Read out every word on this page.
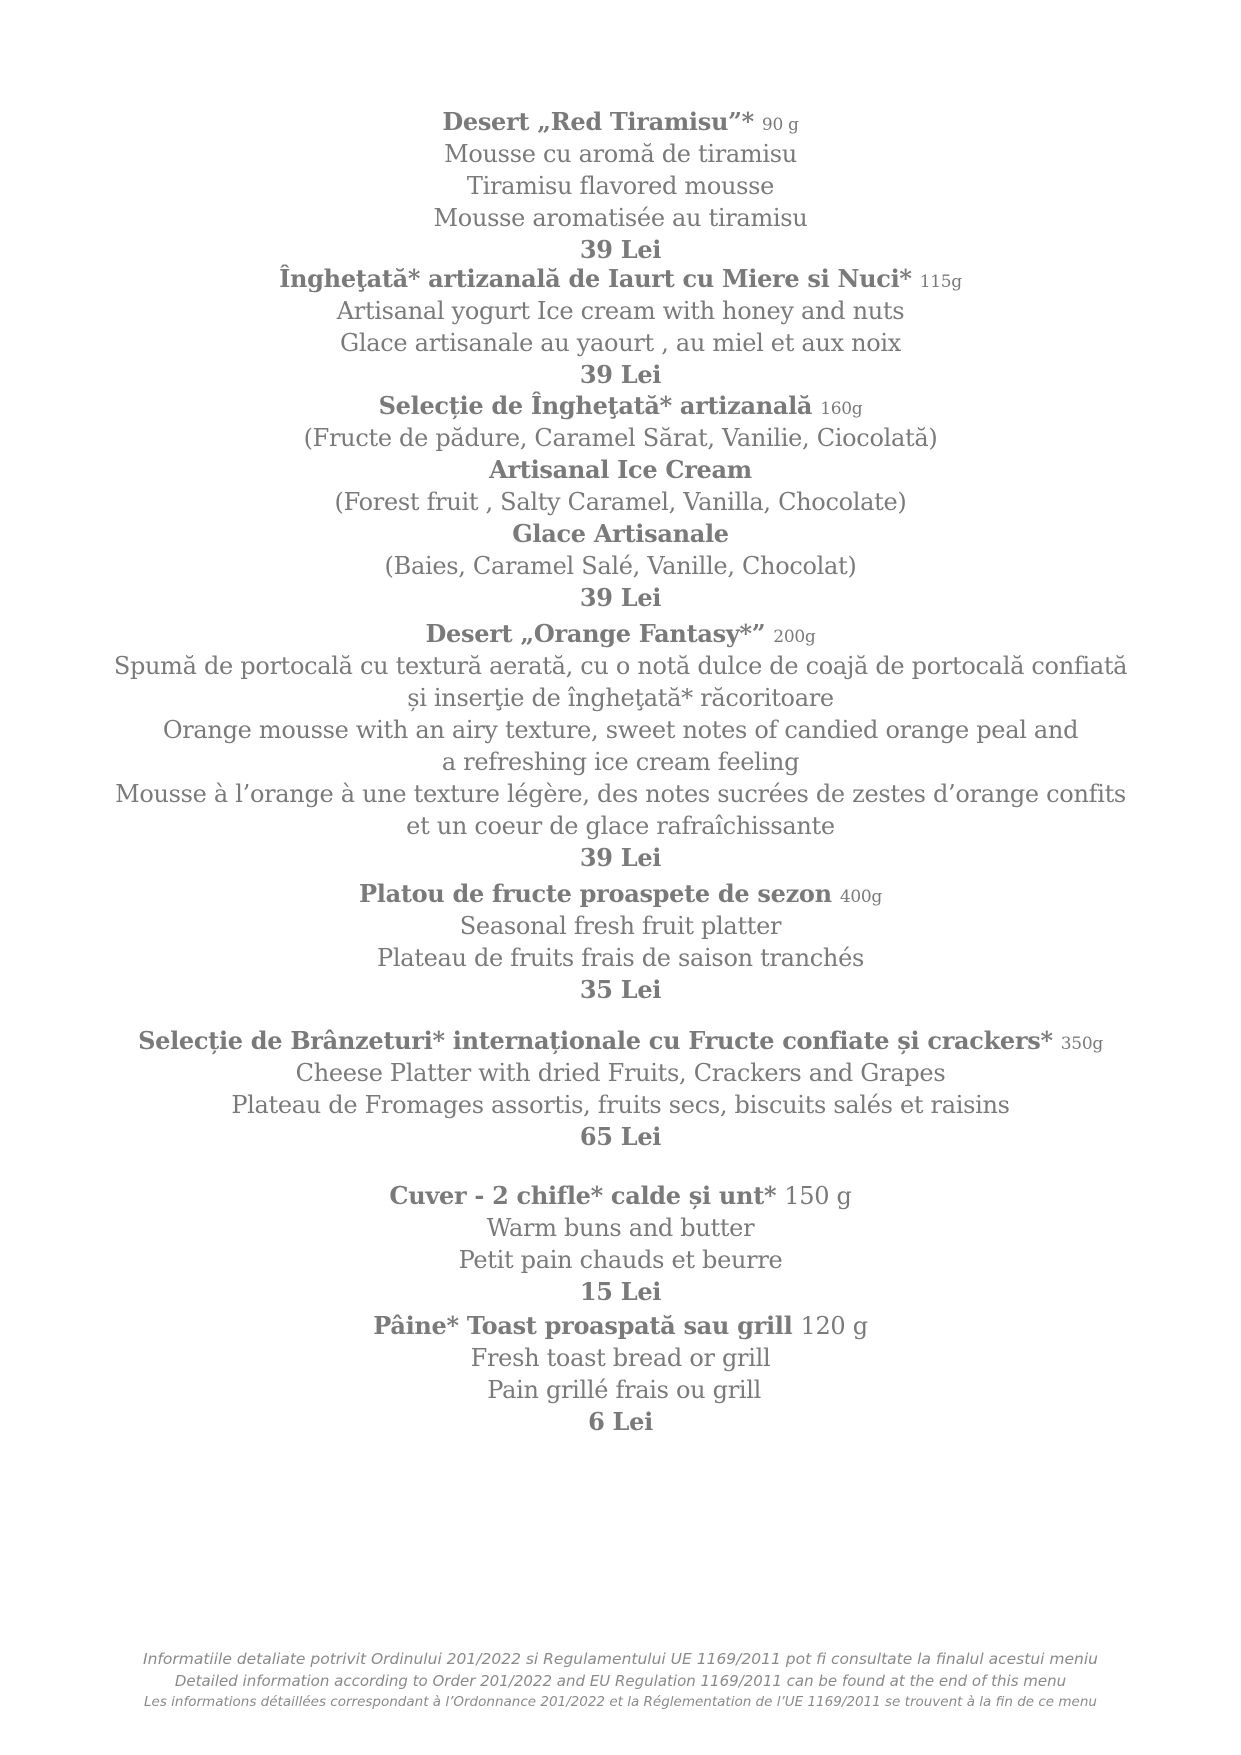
Desert „Red Tiramisu”* 90 g
Mousse cu aromă de tiramisu
Tiramisu flavored mousse
Mousse aromatisée au tiramisu
39 Lei
Îngheţată* artizanală de Iaurt cu Miere si Nuci* 115g
Artisanal yogurt Ice cream with honey and nuts
Glace artisanale au yaourt , au miel et aux noix
39 Lei
Selecție de Îngheţată* artizanală 160g
(Fructe de pădure, Caramel Sărat, Vanilie, Ciocolată)
Artisanal Ice Cream
(Forest fruit , Salty Caramel, Vanilla, Chocolate)
Glace Artisanale
(Baies, Caramel Salé, Vanille, Chocolat)
39 Lei
Desert „Orange Fantasy*” 200g
Spumă de portocală cu textură aerată, cu o notă dulce de coajă de portocală confiată
și inserţie de îngheţată* răcoritoare
Orange mousse with an airy texture, sweet notes of candied orange peal and
a refreshing ice cream feeling
Mousse à l’orange à une texture légère, des notes sucrées de zestes d’orange confits
et un coeur de glace rafraîchissante
39 Lei
Platou de fructe proaspete de sezon 400g
Seasonal fresh fruit platter
Plateau de fruits frais de saison tranchés
35 Lei
Selecție de Brânzeturi* internaționale cu Fructe confiate și crackers* 350g
Cheese Platter with dried Fruits, Crackers and Grapes
Plateau de Fromages assortis, fruits secs, biscuits salés et raisins
65 Lei
Cuver - 2 chifle* calde și unt* 150 g
Warm buns and butter
Petit pain chauds et beurre
15 Lei
Pâine* Toast proaspată sau grill 120 g
Fresh toast bread or grill
Pain grillé frais ou grill
6 Lei
Informatiile detaliate potrivit Ordinului 201/2022 si Regulamentului UE 1169/2011 pot fi consultate la finalul acestui meniu
Detailed information according to Order 201/2022 and EU Regulation 1169/2011 can be found at the end of this menu
Les informations détaillées correspondant à l’Ordonnance 201/2022 et la Réglementation de l’UE 1169/2011 se trouvent à la fin de ce menu
